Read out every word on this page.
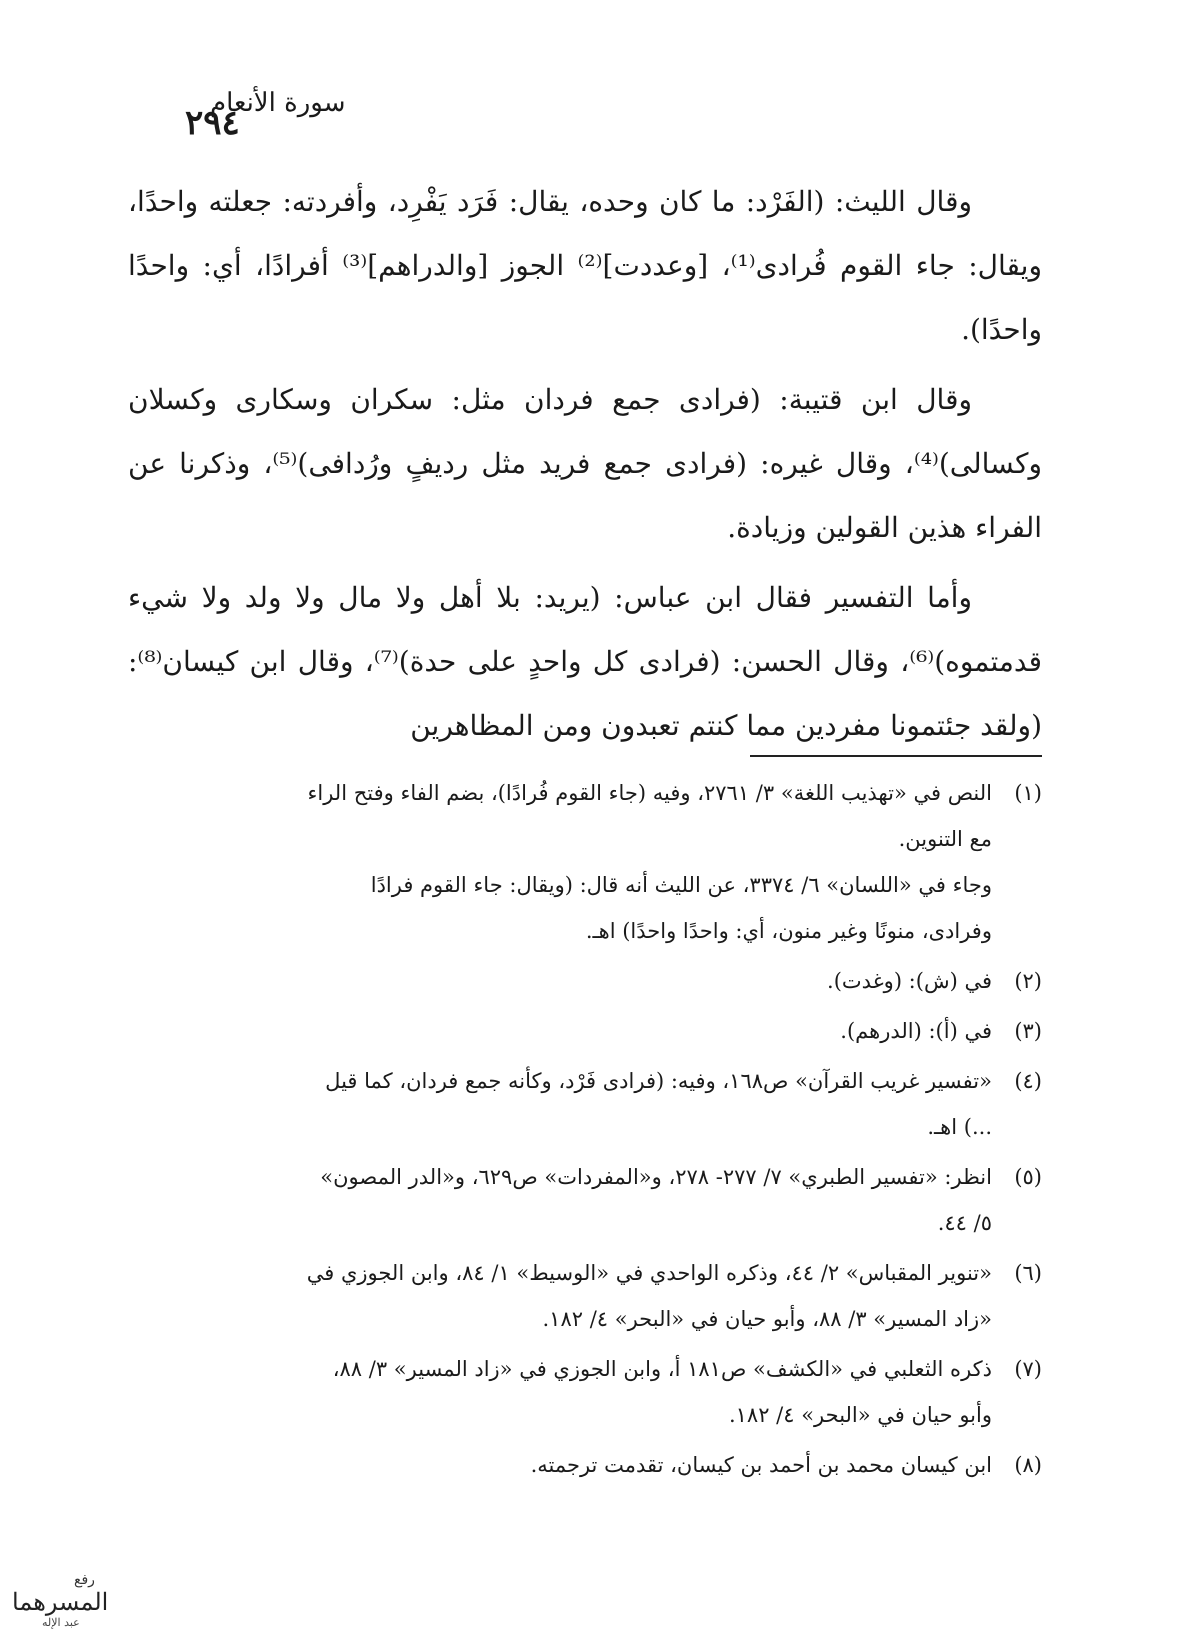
٢٩٤
سورة الأنعام

وقال الليث: (الفَرْد: ما كان وحده، يقال: فَرَد يَفْرِد، وأفردته: جعلته واحدًا، ويقال: جاء القوم فُرادى⁽¹⁾، [وعددت]⁽²⁾ الجوز [والدراهم]⁽³⁾ أفرادًا، أي: واحدًا واحدًا).

وقال ابن قتيبة: (فرادى جمع فردان مثل: سكران وسكارى وكسلان وكسالى)⁽⁴⁾، وقال غيره: (فرادى جمع فريد مثل رديفٍ ورُدافى)⁽⁵⁾، وذكرنا عن الفراء هذين القولين وزيادة.

وأما التفسير فقال ابن عباس: (يريد: بلا أهل ولا مال ولا ولد ولا شيء قدمتموه)⁽⁶⁾، وقال الحسن: (فرادى كل واحدٍ على حدة)⁽⁷⁾، وقال ابن كيسان⁽⁸⁾: (ولقد جئتمونا مفردين مما كنتم تعبدون ومن المظاهرين

(١)
النص في «تهذيب اللغة» ٣/ ٢٧٦١، وفيه (جاء القوم فُرادًا)، بضم الفاء وفتح الراء
مع التنوين.
وجاء في «اللسان» ٦/ ٣٣٧٤، عن الليث أنه قال: (ويقال: جاء القوم فرادًا
وفرادى، منونًا وغير منون، أي: واحدًا واحدًا) اهـ.
(٢)
في (ش): (وغدت).
(٣)
في (أ): (الدرهم).
(٤)
«تفسير غريب القرآن» ص١٦٨، وفيه: (فرادى فَرْد، وكأنه جمع فردان، كما قيل
...) اهـ.
(٥)
انظر: «تفسير الطبري» ٧/ ٢٧٧- ٢٧٨، و«المفردات» ص٦٢٩، و«الدر المصون»
٥/ ٤٤.
(٦)
«تنوير المقباس» ٢/ ٤٤، وذكره الواحدي في «الوسيط» ١/ ٨٤، وابن الجوزي في
«زاد المسير» ٣/ ٨٨، وأبو حيان في «البحر» ٤/ ١٨٢.
(٧)
ذكره الثعلبي في «الكشف» ص١٨١ أ، وابن الجوزي في «زاد المسير» ٣/ ٨٨،
وأبو حيان في «البحر» ٤/ ١٨٢.
(٨)
ابن كيسان محمد بن أحمد بن كيسان، تقدمت ترجمته.
رفع
المسرهما
عبد الإله
